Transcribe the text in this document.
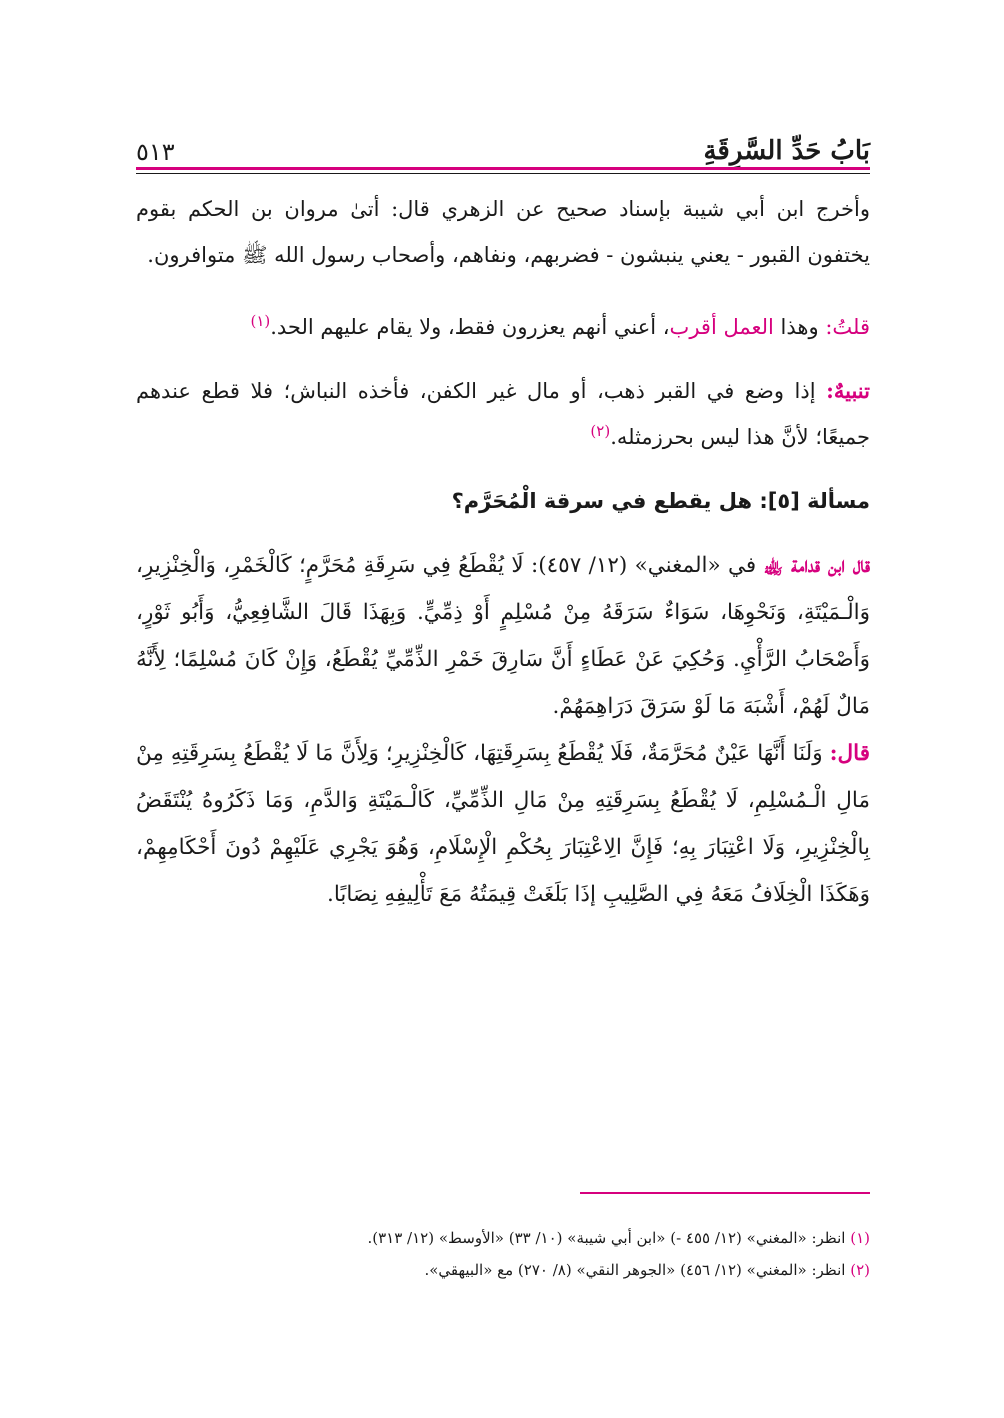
٥١٣	بَابُ حَدِّ السَّرِقَةِ

وأخرج ابن أبي شيبة بإسناد صحيح عن الزهري قال: أتىٰ مروان بن الحكم بقوم يختفون القبور - يعني ينبشون - فضربهم، ونفاهم، وأصحاب رسول الله ﷺ متوافرون.

قلتُ: وهذا العمل أقرب، أعني أنهم يعزرون فقط، ولا يقام عليهم الحد.$^{(١)}$

تنبيهٌ: إذا وضع في القبر ذهب، أو مال غير الكفن، فأخذه النباش؛ فلا قطع عندهم جميعًا؛ لأنَّ هذا ليس بحرزمثله.$^{(٢)}$

مسألة [٥]: هل يقطع في سرقة الْمُحَرَّم؟

قال ابن قدامة ﵀ في «المغني» (١٢/ ٤٥٧): لَا يُقْطَعُ فِي سَرِقَةِ مُحَرَّمٍ؛ كَالْخَمْرِ، وَالْخِنْزِيرِ، وَالْـمَيْتَةِ، وَنَحْوِهَا، سَوَاءٌ سَرَقَهُ مِنْ مُسْلِمٍ أَوْ ذِمِّيٍّ. وَبِهَذَا قَالَ الشَّافِعِيُّ، وَأَبُو ثَوْرٍ، وَأَصْحَابُ الرَّأْيِ. وَحُكِيَ عَنْ عَطَاءٍ أَنَّ سَارِقَ خَمْرِ الذِّمِّيِّ يُقْطَعُ، وَإِنْ كَانَ مُسْلِمًا؛ لِأَنَّهُ مَالٌ لَهُمْ، أَشْبَهَ مَا لَوْ سَرَقَ دَرَاهِمَهُمْ.

قال: وَلَنَا أَنَّهَا عَيْنٌ مُحَرَّمَةٌ، فَلَا يُقْطَعُ بِسَرِقَتِهَا، كَالْخِنْزِيرِ؛ وَلِأَنَّ مَا لَا يُقْطَعُ بِسَرِقَتِهِ مِنْ مَالِ الْـمُسْلِمِ، لَا يُقْطَعُ بِسَرِقَتِهِ مِنْ مَالِ الذِّمِّيِّ، كَالْـمَيْتَةِ وَالدَّمِ، وَمَا ذَكَرُوهُ يُنْتَقَضُ بِالْخِنْزِيرِ، وَلَا اعْتِبَارَ بِهِ؛ فَإِنَّ الِاعْتِبَارَ بِحُكْمِ الْإِسْلَامِ، وَهُوَ يَجْرِي عَلَيْهِمْ دُونَ أَحْكَامِهِمْ، وَهَكَذَا الْخِلَافُ مَعَهُ فِي الصَّلِيبِ إذَا بَلَغَتْ قِيمَتُهُ مَعَ تَأْلِيفِهِ نِصَابًا.

(١) انظر: «المغني» (١٢/ ٤٥٥ -) «ابن أبي شيبة» (١٠/ ٣٣) «الأوسط» (١٢/ ٣١٣).

(٢) انظر: «المغني» (١٢/ ٤٥٦) «الجوهر النقي» (٨/ ٢٧٠) مع «البيهقي».
